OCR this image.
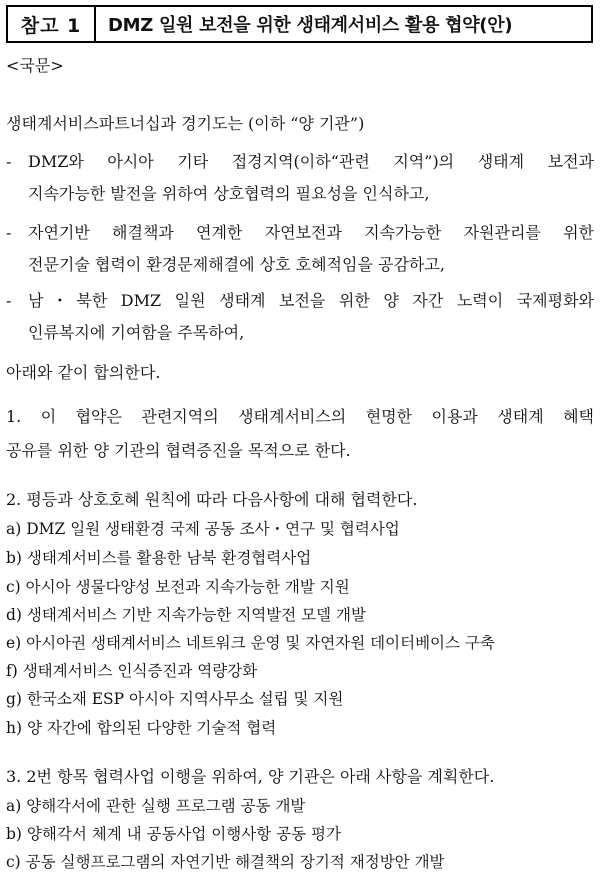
참고 1	DMZ 일원 보전을 위한 생태계서비스 활용 협약(안)
<국문>
생태계서비스파트너십과 경기도는 (이하 “양 기관”)
-	DMZ와 아시아 기타 접경지역(이하“관련 지역”)의 생태계 보전과
지속가능한 발전을 위하여 상호협력의 필요성을 인식하고,
-	자연기반 해결책과 연계한 자연보전과 지속가능한 자원관리를 위한
전문기술 협력이 환경문제해결에 상호 호혜적임을 공감하고,
-	남・북한 DMZ 일원 생태계 보전을 위한 양 자간 노력이 국제평화와
인류복지에 기여함을 주목하여,
아래와 같이 합의한다.
1. 이 협약은 관련지역의 생태계서비스의 현명한 이용과 생태계 혜택
공유를 위한 양 기관의 협력증진을 목적으로 한다.
2. 평등과 상호호혜 원칙에 따라 다음사항에 대해 협력한다.
a) DMZ 일원 생태환경 국제 공동 조사・연구 및 협력사업
b) 생태계서비스를 활용한 남북 환경협력사업
c) 아시아 생물다양성 보전과 지속가능한 개발 지원
d) 생태계서비스 기반 지속가능한 지역발전 모델 개발
e) 아시아권 생태계서비스 네트워크 운영 및 자연자원 데이터베이스 구축
f) 생태계서비스 인식증진과 역량강화
g) 한국소재 ESP 아시아 지역사무소 설립 및 지원
h) 양 자간에 합의된 다양한 기술적 협력
3. 2번 항목 협력사업 이행을 위하여, 양 기관은 아래 사항을 계획한다.
a) 양해각서에 관한 실행 프로그램 공동 개발
b) 양해각서 체계 내 공동사업 이행사항 공동 평가
c) 공동 실행프로그램의 자연기반 해결책의 장기적 재정방안 개발
